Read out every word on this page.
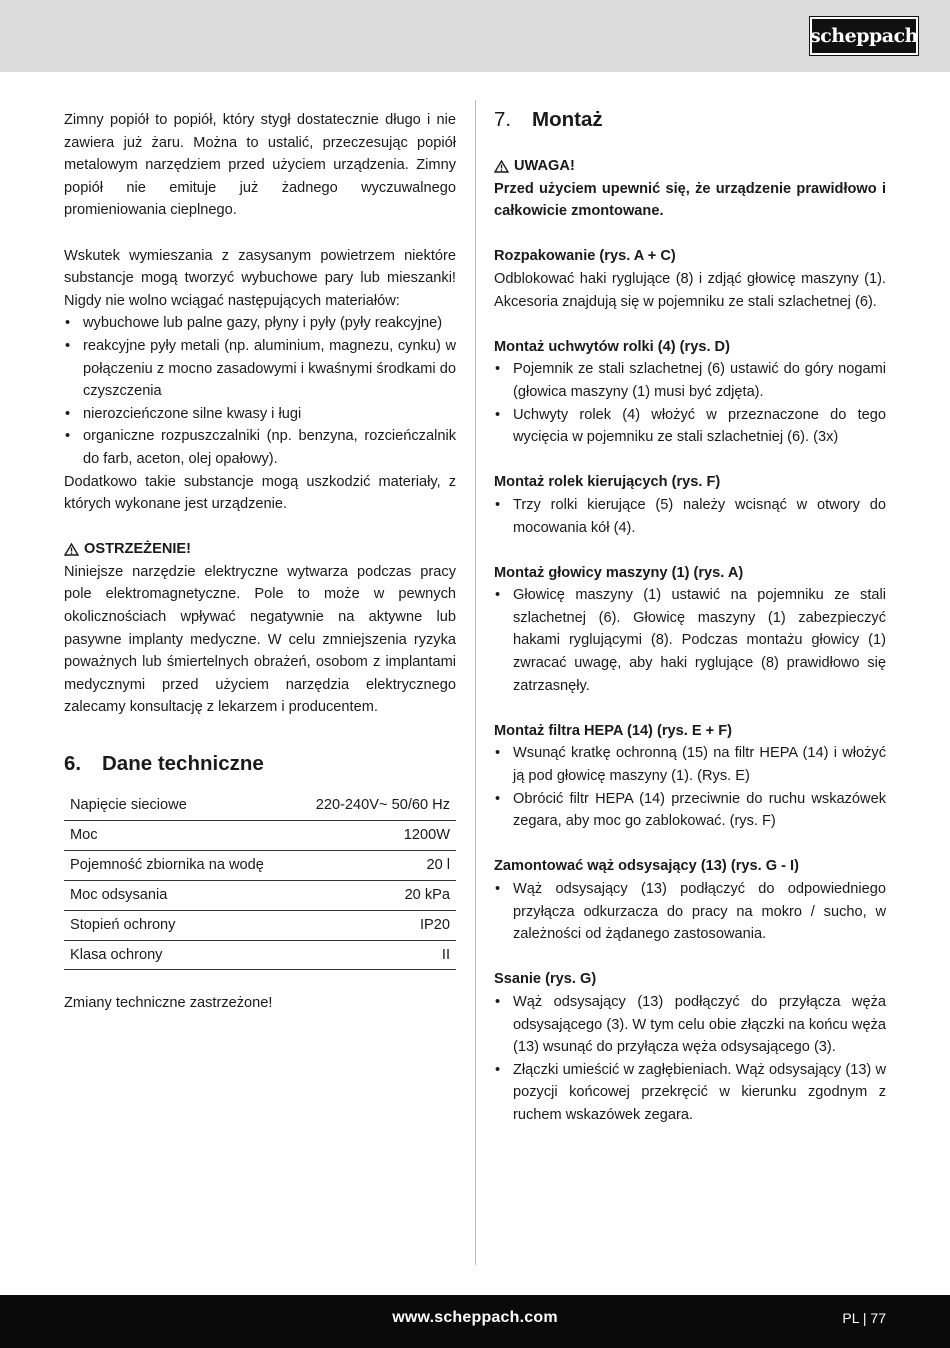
scheppach

Zimny popiół to popiół, który stygł dostatecznie długo i nie zawiera już żaru. Można to ustalić, przeczesując popiół metalowym narzędziem przed użyciem urządzenia. Zimny popiół nie emituje już żadnego wyczuwalnego promieniowania cieplnego.

Wskutek wymieszania z zasysanym powietrzem niektóre substancje mogą tworzyć wybuchowe pary lub mieszanki! Nigdy nie wolno wciągać następujących materiałów:

• wybuchowe lub palne gazy, płyny i pyły (pyły reakcyjne)
• reakcyjne pyły metali (np. aluminium, magnezu, cynku) w połączeniu z mocno zasadowymi i kwaśnymi środkami do czyszczenia
• nierozcieńczone silne kwasy i ługi
• organiczne rozpuszczalniki (np. benzyna, rozcieńczalnik do farb, aceton, olej opałowy).

Dodatkowo takie substancje mogą uszkodzić materiały, z których wykonane jest urządzenie.

OSTRZEŻENIE!

Niniejsze narzędzie elektryczne wytwarza podczas pracy pole elektromagnetyczne. Pole to może w pewnych okolicznościach wpływać negatywnie na aktywne lub pasywne implanty medyczne. W celu zmniejszenia ryzyka poważnych lub śmiertelnych obrażeń, osobom z implantami medycznymi przed użyciem narzędzia elektrycznego zalecamy konsultację z lekarzem i producentem.

6.	Dane techniczne
Napięcie sieciowe	220-240V~ 50/60 Hz
Moc	1200W
Pojemność zbiornika na wodę	20 l
Moc odsysania	20 kPa
Stopień ochrony	IP20
Klasa ochrony	II

Zmiany techniczne zastrzeżone!

7.	Montaż
UWAGA!

Przed użyciem upewnić się, że urządzenie prawidłowo i całkowicie zmontowane.

Rozpakowanie (rys. A + C)

Odblokować haki ryglujące (8) i zdjąć głowicę maszyny (1). Akcesoria znajdują się w pojemniku ze stali szlachetnej (6).

Montaż uchwytów rolki (4) (rys. D)

• Pojemnik ze stali szlachetnej (6) ustawić do góry nogami (głowica maszyny (1) musi być zdjęta).
• Uchwyty rolek (4) włożyć w przeznaczone do tego wycięcia w pojemniku ze stali szlachetniej (6). (3x)

Montaż rolek kierujących (rys. F)

• Trzy rolki kierujące (5) należy wcisnąć w otwory do mocowania kół (4).

Montaż głowicy maszyny (1) (rys. A)

• Głowicę maszyny (1) ustawić na pojemniku ze stali szlachetnej (6). Głowicę maszyny (1) zabezpieczyć hakami ryglującymi (8). Podczas montażu głowicy (1) zwracać uwagę, aby haki ryglujące (8) prawidłowo się zatrzasnęły.

Montaż filtra HEPA (14) (rys. E + F)

• Wsunąć kratkę ochronną (15) na filtr HEPA (14) i włożyć ją pod głowicę maszyny (1). (Rys. E)
• Obrócić filtr HEPA (14) przeciwnie do ruchu wskazówek zegara, aby moc go zablokować. (rys. F)

Zamontować wąż odsysający (13) (rys. G - I)

• Wąż odsysający (13) podłączyć do odpowiedniego przyłącza odkurzacza do pracy na mokro / sucho, w zależności od żądanego zastosowania.

Ssanie (rys. G)

• Wąż odsysający (13) podłączyć do przyłącza węża odsysającego (3). W tym celu obie złączki na końcu węża (13) wsunąć do przyłącza węża odsysającego (3).
• Złączki umieścić w zagłębieniach. Wąż odsysający (13) w pozycji końcowej przekręcić w kierunku zgodnym z ruchem wskazówek zegara.
www.scheppach.com	PL | 77
